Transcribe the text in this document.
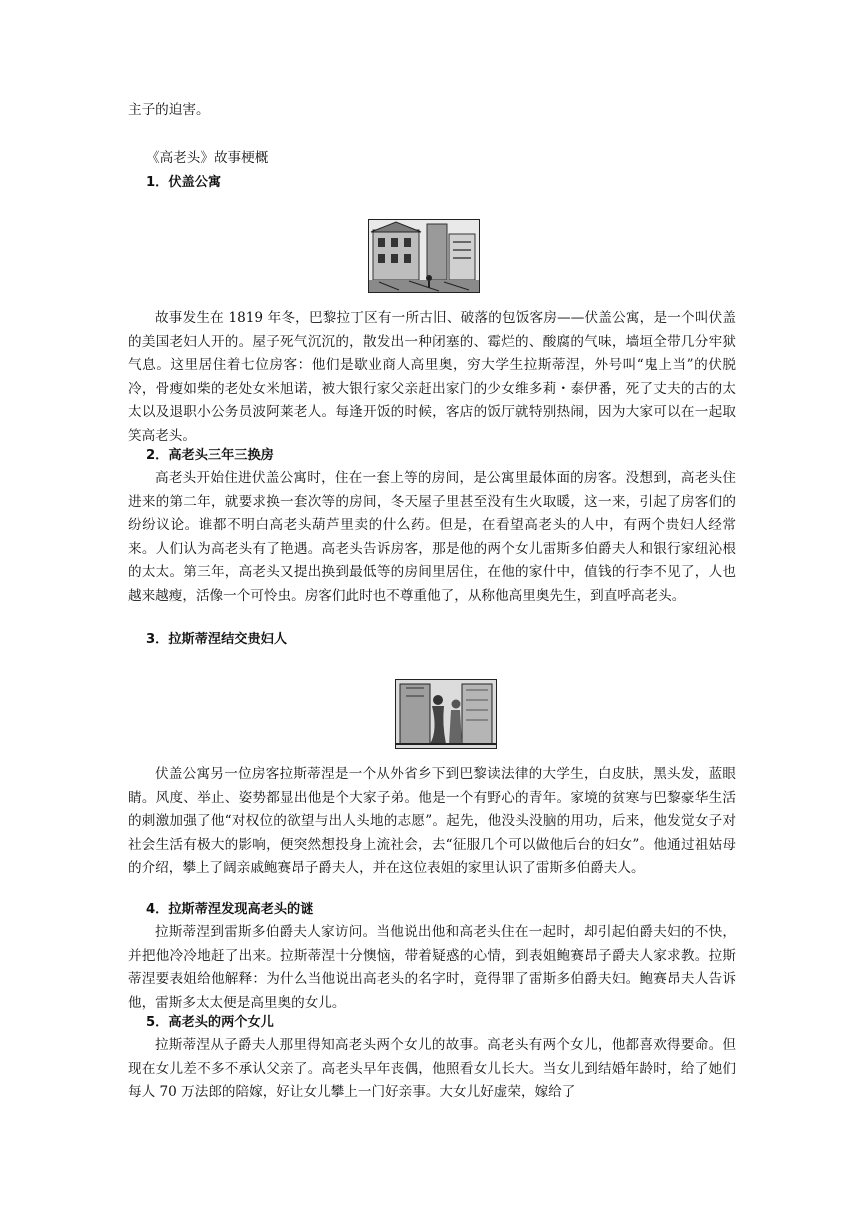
主子的迫害。

《高老头》故事梗概

1．伏盖公寓

故事发生在 1819 年冬，巴黎拉丁区有一所古旧、破落的包饭客房——伏盖公寓，是一个叫伏盖的美国老妇人开的。屋子死气沉沉的，散发出一种闭塞的、霉烂的、酸腐的气味，墙垣全带几分牢狱气息。这里居住着七位房客：他们是歇业商人高里奥，穷大学生拉斯蒂涅，外号叫“鬼上当”的伏脱冷，骨瘦如柴的老处女米旭诺，被大银行家父亲赶出家门的少女维多莉・泰伊番，死了丈夫的古的太太以及退职小公务员波阿莱老人。每逢开饭的时候，客店的饭厅就特别热闹，因为大家可以在一起取笑高老头。

2．高老头三年三换房

高老头开始住进伏盖公寓时，住在一套上等的房间，是公寓里最体面的房客。没想到，高老头住进来的第二年，就要求换一套次等的房间，冬天屋子里甚至没有生火取暖，这一来，引起了房客们的纷纷议论。谁都不明白高老头葫芦里卖的什么药。但是，在看望高老头的人中，有两个贵妇人经常来。人们认为高老头有了艳遇。高老头告诉房客，那是他的两个女儿雷斯多伯爵夫人和银行家纽沁根的太太。第三年，高老头又提出换到最低等的房间里居住，在他的家什中，值钱的行李不见了，人也越来越瘦，活像一个可怜虫。房客们此时也不尊重他了，从称他高里奥先生，到直呼高老头。

3．拉斯蒂涅结交贵妇人

伏盖公寓另一位房客拉斯蒂涅是一个从外省乡下到巴黎读法律的大学生，白皮肤，黑头发，蓝眼睛。风度、举止、姿势都显出他是个大家子弟。他是一个有野心的青年。家境的贫寒与巴黎豪华生活的刺激加强了他“对权位的欲望与出人头地的志愿”。起先，他没头没脑的用功，后来，他发觉女子对社会生活有极大的影响，便突然想投身上流社会，去“征服几个可以做他后台的妇女”。他通过祖姑母的介绍，攀上了阔亲戚鲍赛昂子爵夫人，并在这位表姐的家里认识了雷斯多伯爵夫人。

4．拉斯蒂涅发现高老头的谜

拉斯蒂涅到雷斯多伯爵夫人家访问。当他说出他和高老头住在一起时，却引起伯爵夫妇的不快，并把他冷冷地赶了出来。拉斯蒂涅十分懊恼，带着疑惑的心情，到表姐鲍赛昂子爵夫人家求教。拉斯蒂涅要表姐给他解释：为什么当他说出高老头的名字时，竟得罪了雷斯多伯爵夫妇。鲍赛昂夫人告诉他，雷斯多太太便是高里奥的女儿。

5．高老头的两个女儿

拉斯蒂涅从子爵夫人那里得知高老头两个女儿的故事。高老头有两个女儿，他都喜欢得要命。但现在女儿差不多不承认父亲了。高老头早年丧偶，他照看女儿长大。当女儿到结婚年龄时，给了她们每人 70 万法郎的陪嫁，好让女儿攀上一门好亲事。大女儿好虚荣，嫁给了
